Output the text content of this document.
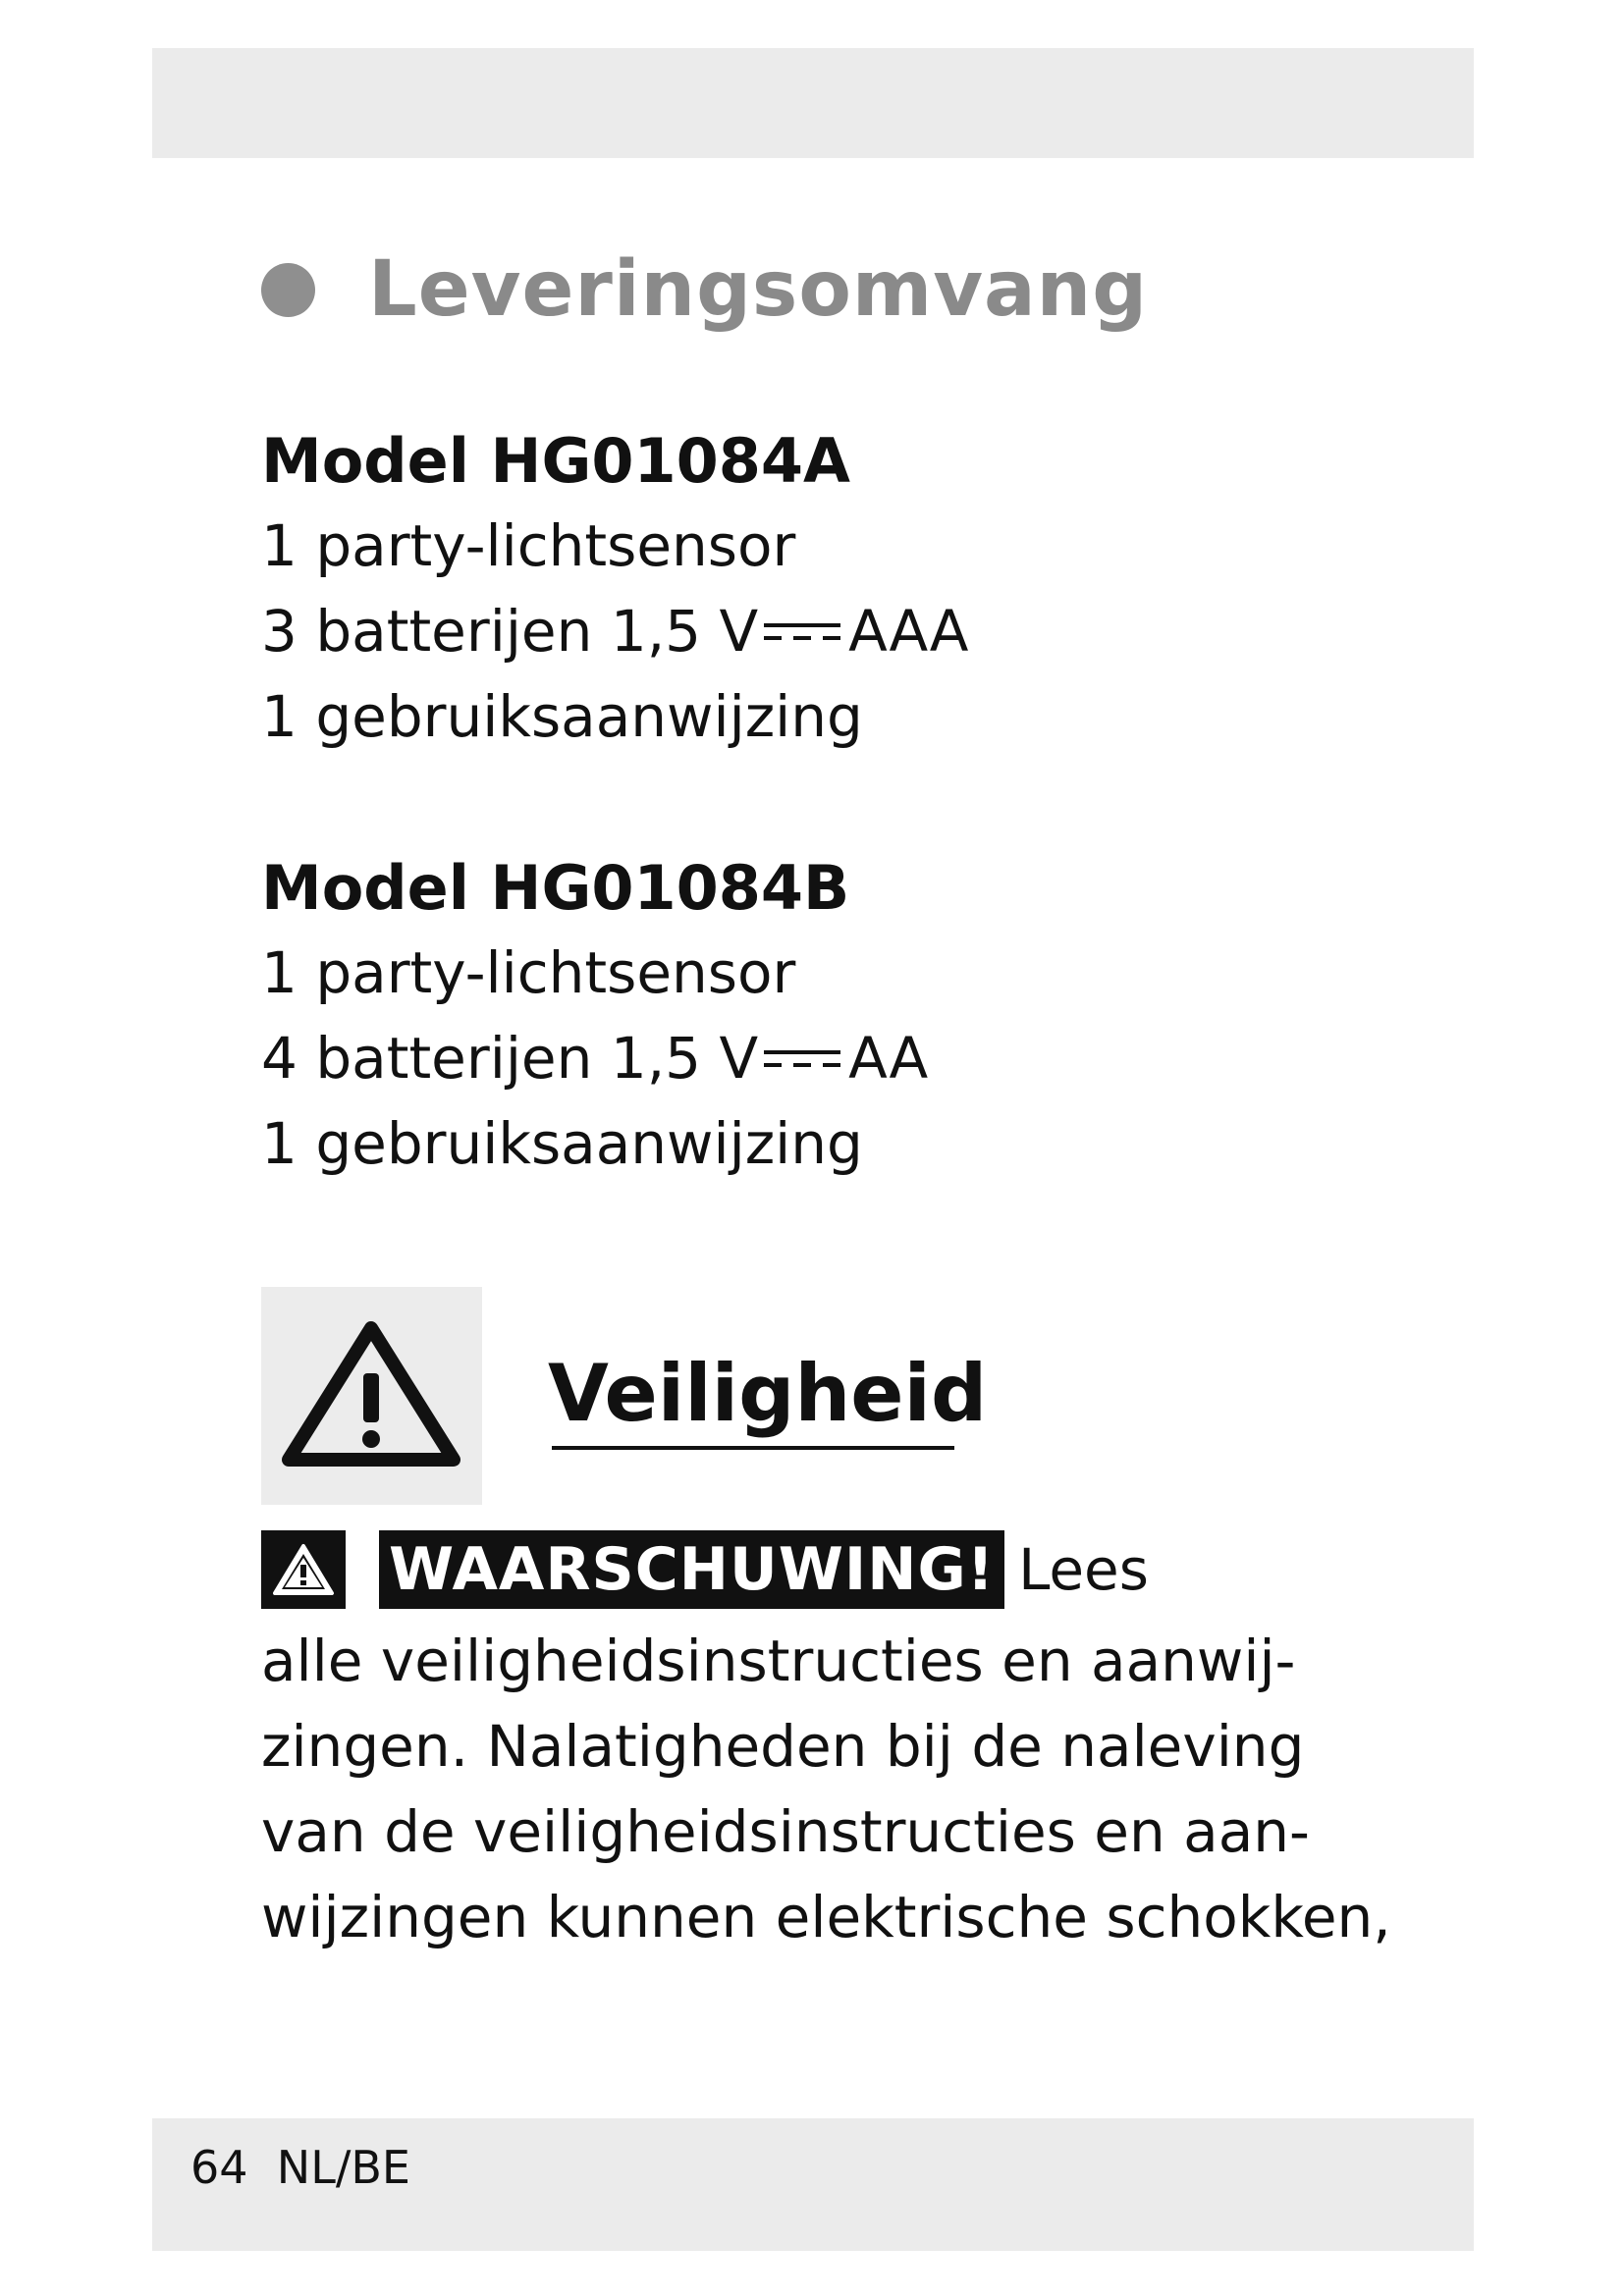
Leveringsomvang
Model HG01084A
1 party-lichtsensor
3 batterijen 1,5 V AAA
1 gebruiksaanwijzing
Model HG01084B
1 party-lichtsensor
4 batterijen 1,5 V AA
1 gebruiksaanwijzing
Veiligheid
WAARSCHUWING! Lees
alle veiligheidsinstructies en aanwij-
zingen. Nalatigheden bij de naleving
van de veiligheidsinstructies en aan-
wijzingen kunnen elektrische schokken,
64 NL/BE
